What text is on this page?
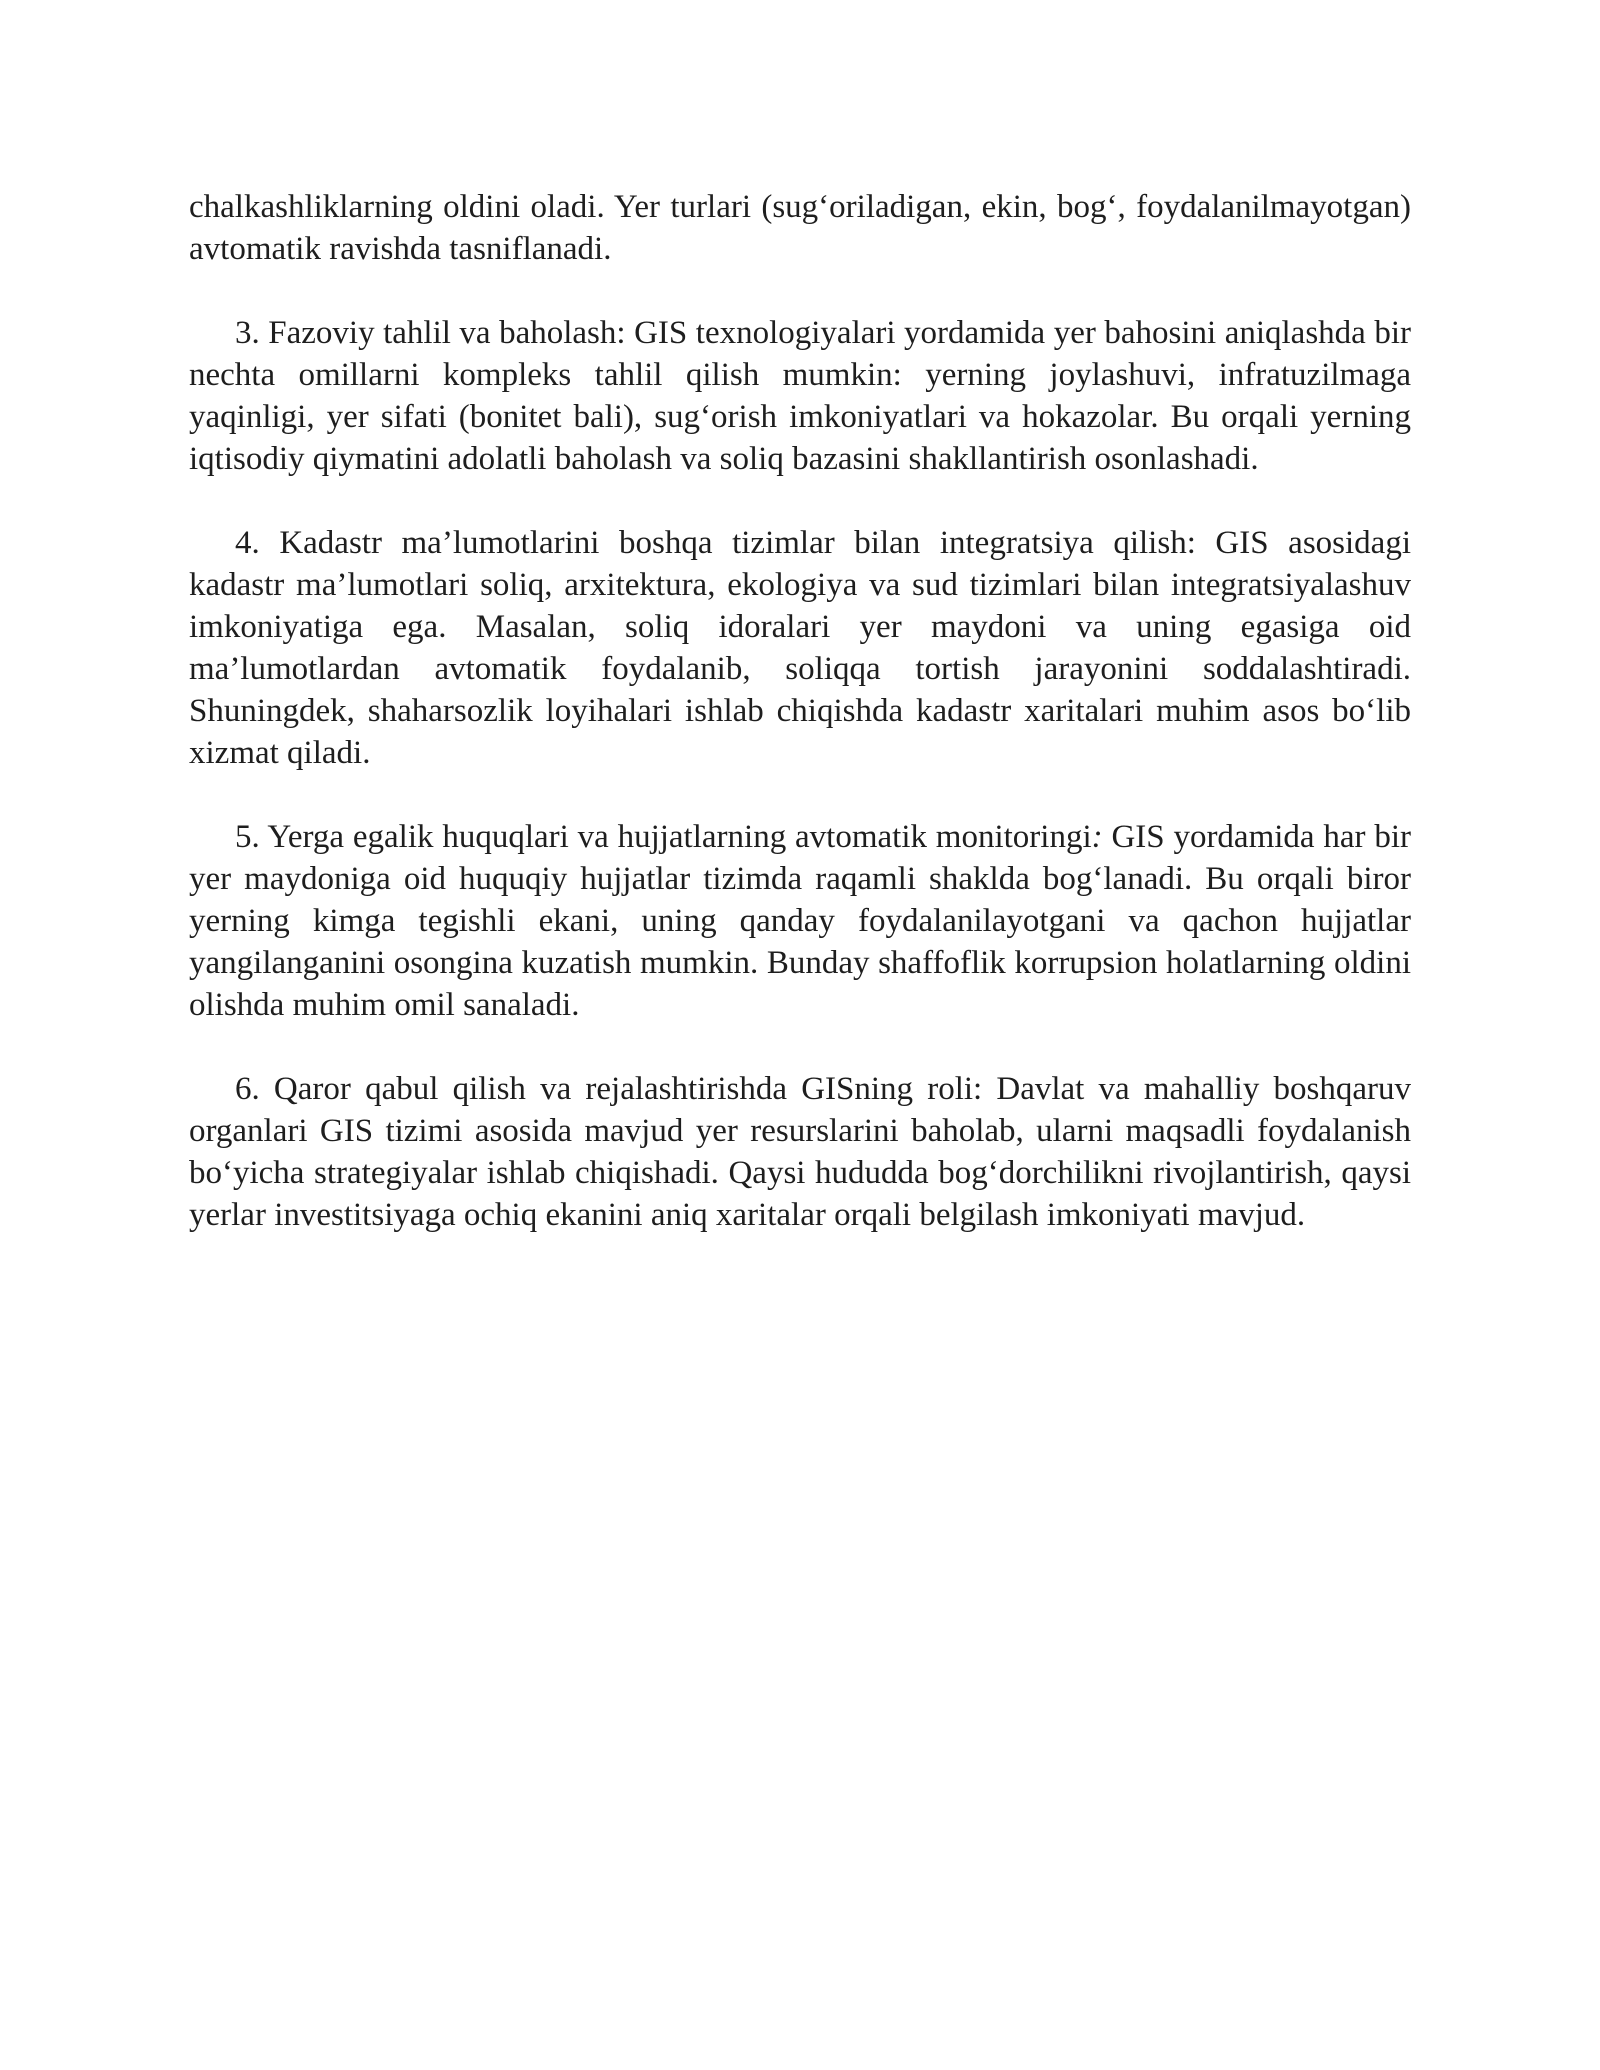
chalkashliklarning oldini oladi. Yer turlari (sug‘oriladigan, ekin, bog‘, foydalanilmayotgan) avtomatik ravishda tasniflanadi.

3. Fazoviy tahlil va baholash: GIS texnologiyalari yordamida yer bahosini aniqlashda bir nechta omillarni kompleks tahlil qilish mumkin: yerning joylashuvi, infratuzilmaga yaqinligi, yer sifati (bonitet bali), sug‘orish imkoniyatlari va hokazolar. Bu orqali yerning iqtisodiy qiymatini adolatli baholash va soliq bazasini shakllantirish osonlashadi.

4. Kadastr ma’lumotlarini boshqa tizimlar bilan integratsiya qilish: GIS asosidagi kadastr ma’lumotlari soliq, arxitektura, ekologiya va sud tizimlari bilan integratsiyalashuv imkoniyatiga ega. Masalan, soliq idoralari yer maydoni va uning egasiga oid ma’lumotlardan avtomatik foydalanib, soliqqa tortish jarayonini soddalashtiradi. Shuningdek, shaharsozlik loyihalari ishlab chiqishda kadastr xaritalari muhim asos bo‘lib xizmat qiladi.

5. Yerga egalik huquqlari va hujjatlarning avtomatik monitoringi: GIS yordamida har bir yer maydoniga oid huquqiy hujjatlar tizimda raqamli shaklda bog‘lanadi. Bu orqali biror yerning kimga tegishli ekani, uning qanday foydalanilayotgani va qachon hujjatlar yangilanganini osongina kuzatish mumkin. Bunday shaffoflik korrupsion holatlarning oldini olishda muhim omil sanaladi.

6. Qaror qabul qilish va rejalashtirishda GISning roli: Davlat va mahalliy boshqaruv organlari GIS tizimi asosida mavjud yer resurslarini baholab, ularni maqsadli foydalanish bo‘yicha strategiyalar ishlab chiqishadi. Qaysi hududda bog‘dorchilikni rivojlantirish, qaysi yerlar investitsiyaga ochiq ekanini aniq xaritalar orqali belgilash imkoniyati mavjud.
